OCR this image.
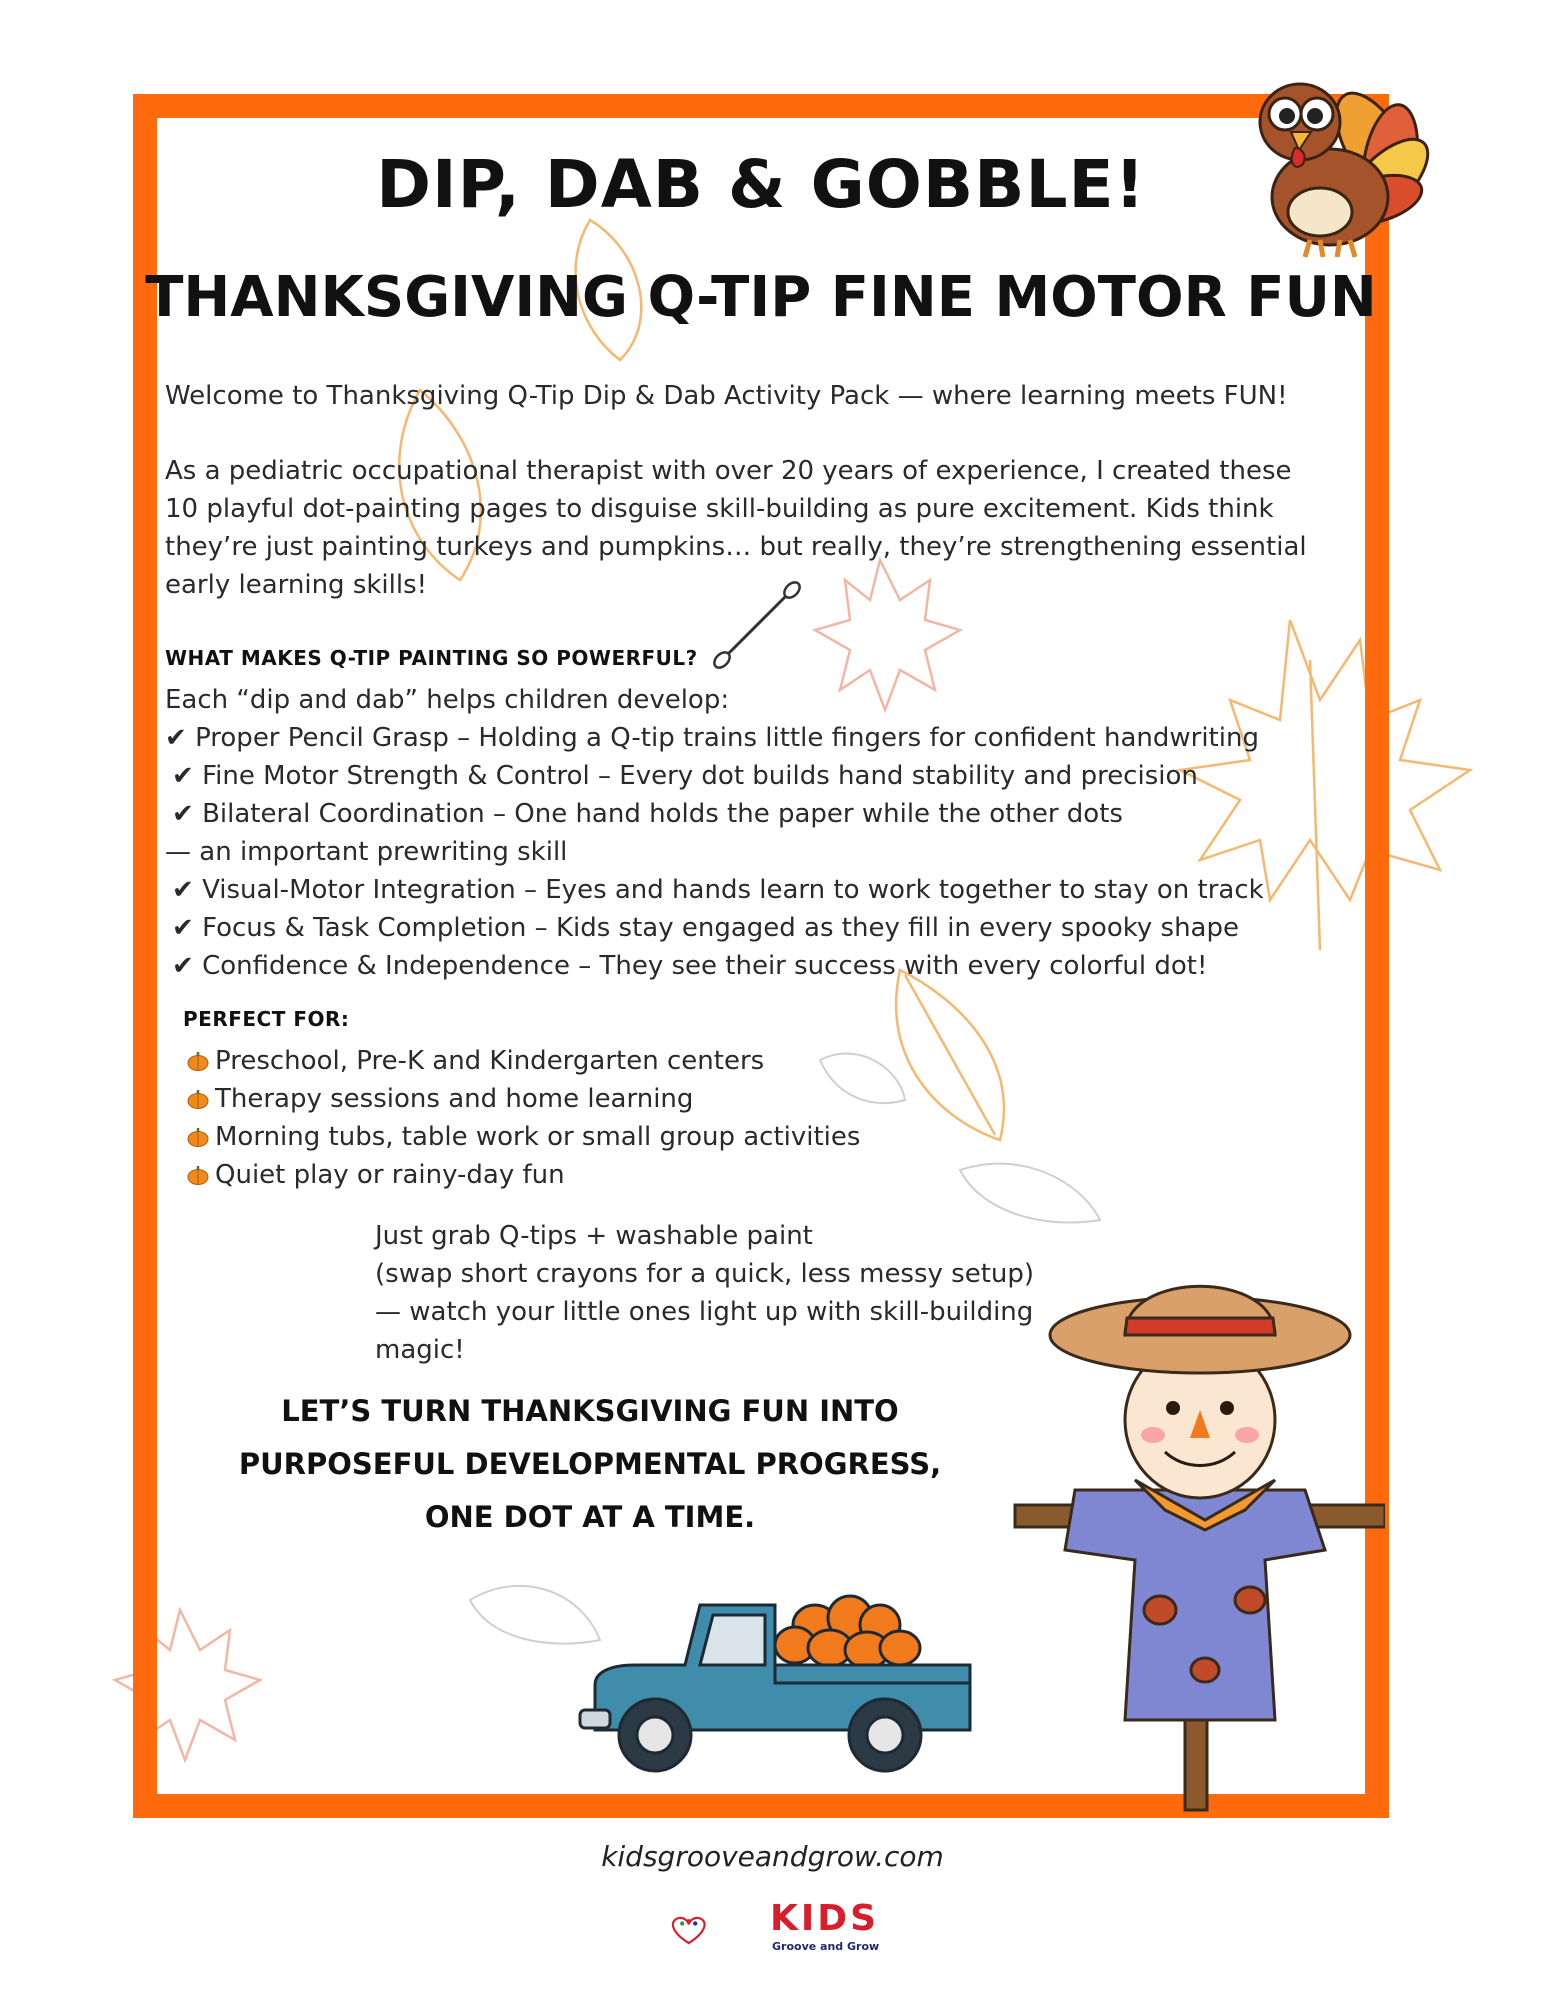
DIP, DAB & GOBBLE!
THANKSGIVING Q-TIP FINE MOTOR FUN

Welcome to Thanksgiving Q-Tip Dip & Dab Activity Pack — where learning meets FUN!

As a pediatric occupational therapist with over 20 years of experience, I created these

10 playful dot-painting pages to disguise skill-building as pure excitement. Kids think

they’re just painting turkeys and pumpkins… but really, they’re strengthening essential

early learning skills!

WHAT MAKES Q-TIP PAINTING SO POWERFUL?

Each “dip and dab” helps children develop:

✔ Proper Pencil Grasp – Holding a Q-tip trains little fingers for confident handwriting

✔ Fine Motor Strength & Control – Every dot builds hand stability and precision

✔ Bilateral Coordination – One hand holds the paper while the other dots

— an important prewriting skill

✔ Visual-Motor Integration – Eyes and hands learn to work together to stay on track

✔ Focus & Task Completion – Kids stay engaged as they fill in every spooky shape

✔ Confidence & Independence – They see their success with every colorful dot!

PERFECT FOR:

Preschool, Pre-K and Kindergarten centers

Therapy sessions and home learning

Morning tubs, table work or small group activities

Quiet play or rainy-day fun

Just grab Q-tips + washable paint

(swap short crayons for a quick, less messy setup)

— watch your little ones light up with skill-building

magic!

LET’S TURN THANKSGIVING FUN INTO
PURPOSEFUL DEVELOPMENTAL PROGRESS,
ONE DOT AT A TIME.
kidsgrooveandgrow.com
KIDS
Groove and Grow
